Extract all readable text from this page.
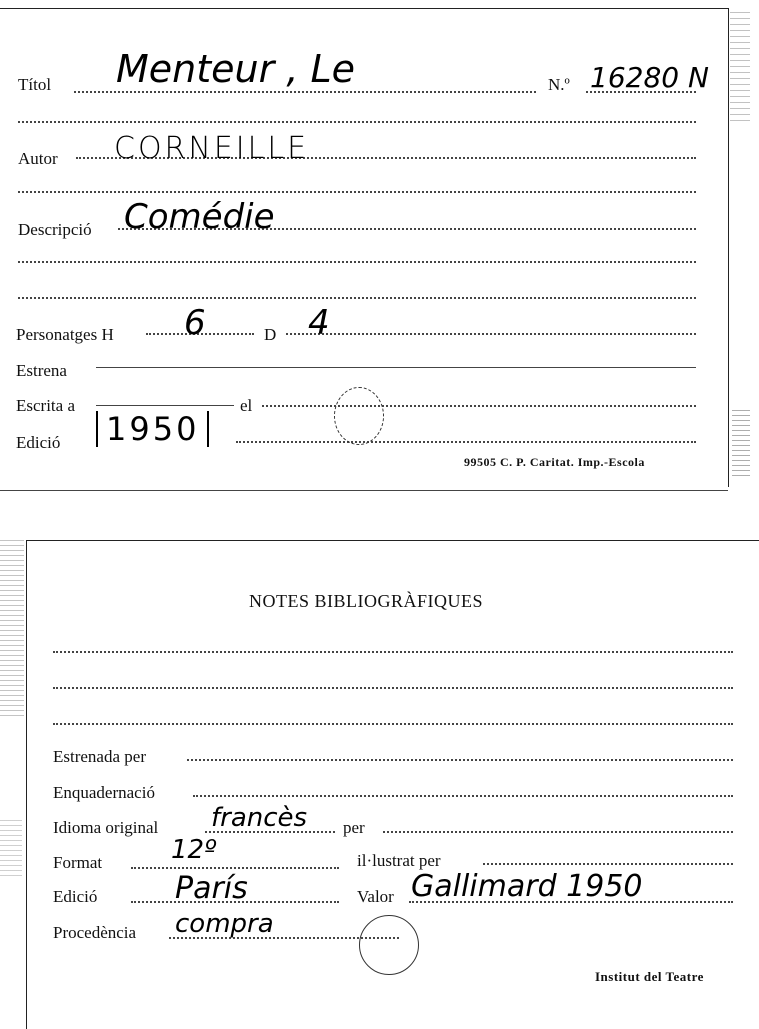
Títol Menteur , Le	N.º 16280 N
Autor CORNEILLE
Descripció Comédie
Personatges H 6	D 4
Estrena
Escrita a	el
Edició	1950
99505 C. P. Caritat. Imp.-Escola
NOTES BIBLIOGRÀFIQUES
Estrenada per
Enquadernació
Idioma original francès per
Format	12º	il·lustrat per
Edició	París	Valor Gallimard 1950
Procedència compra
Institut del Teatre
